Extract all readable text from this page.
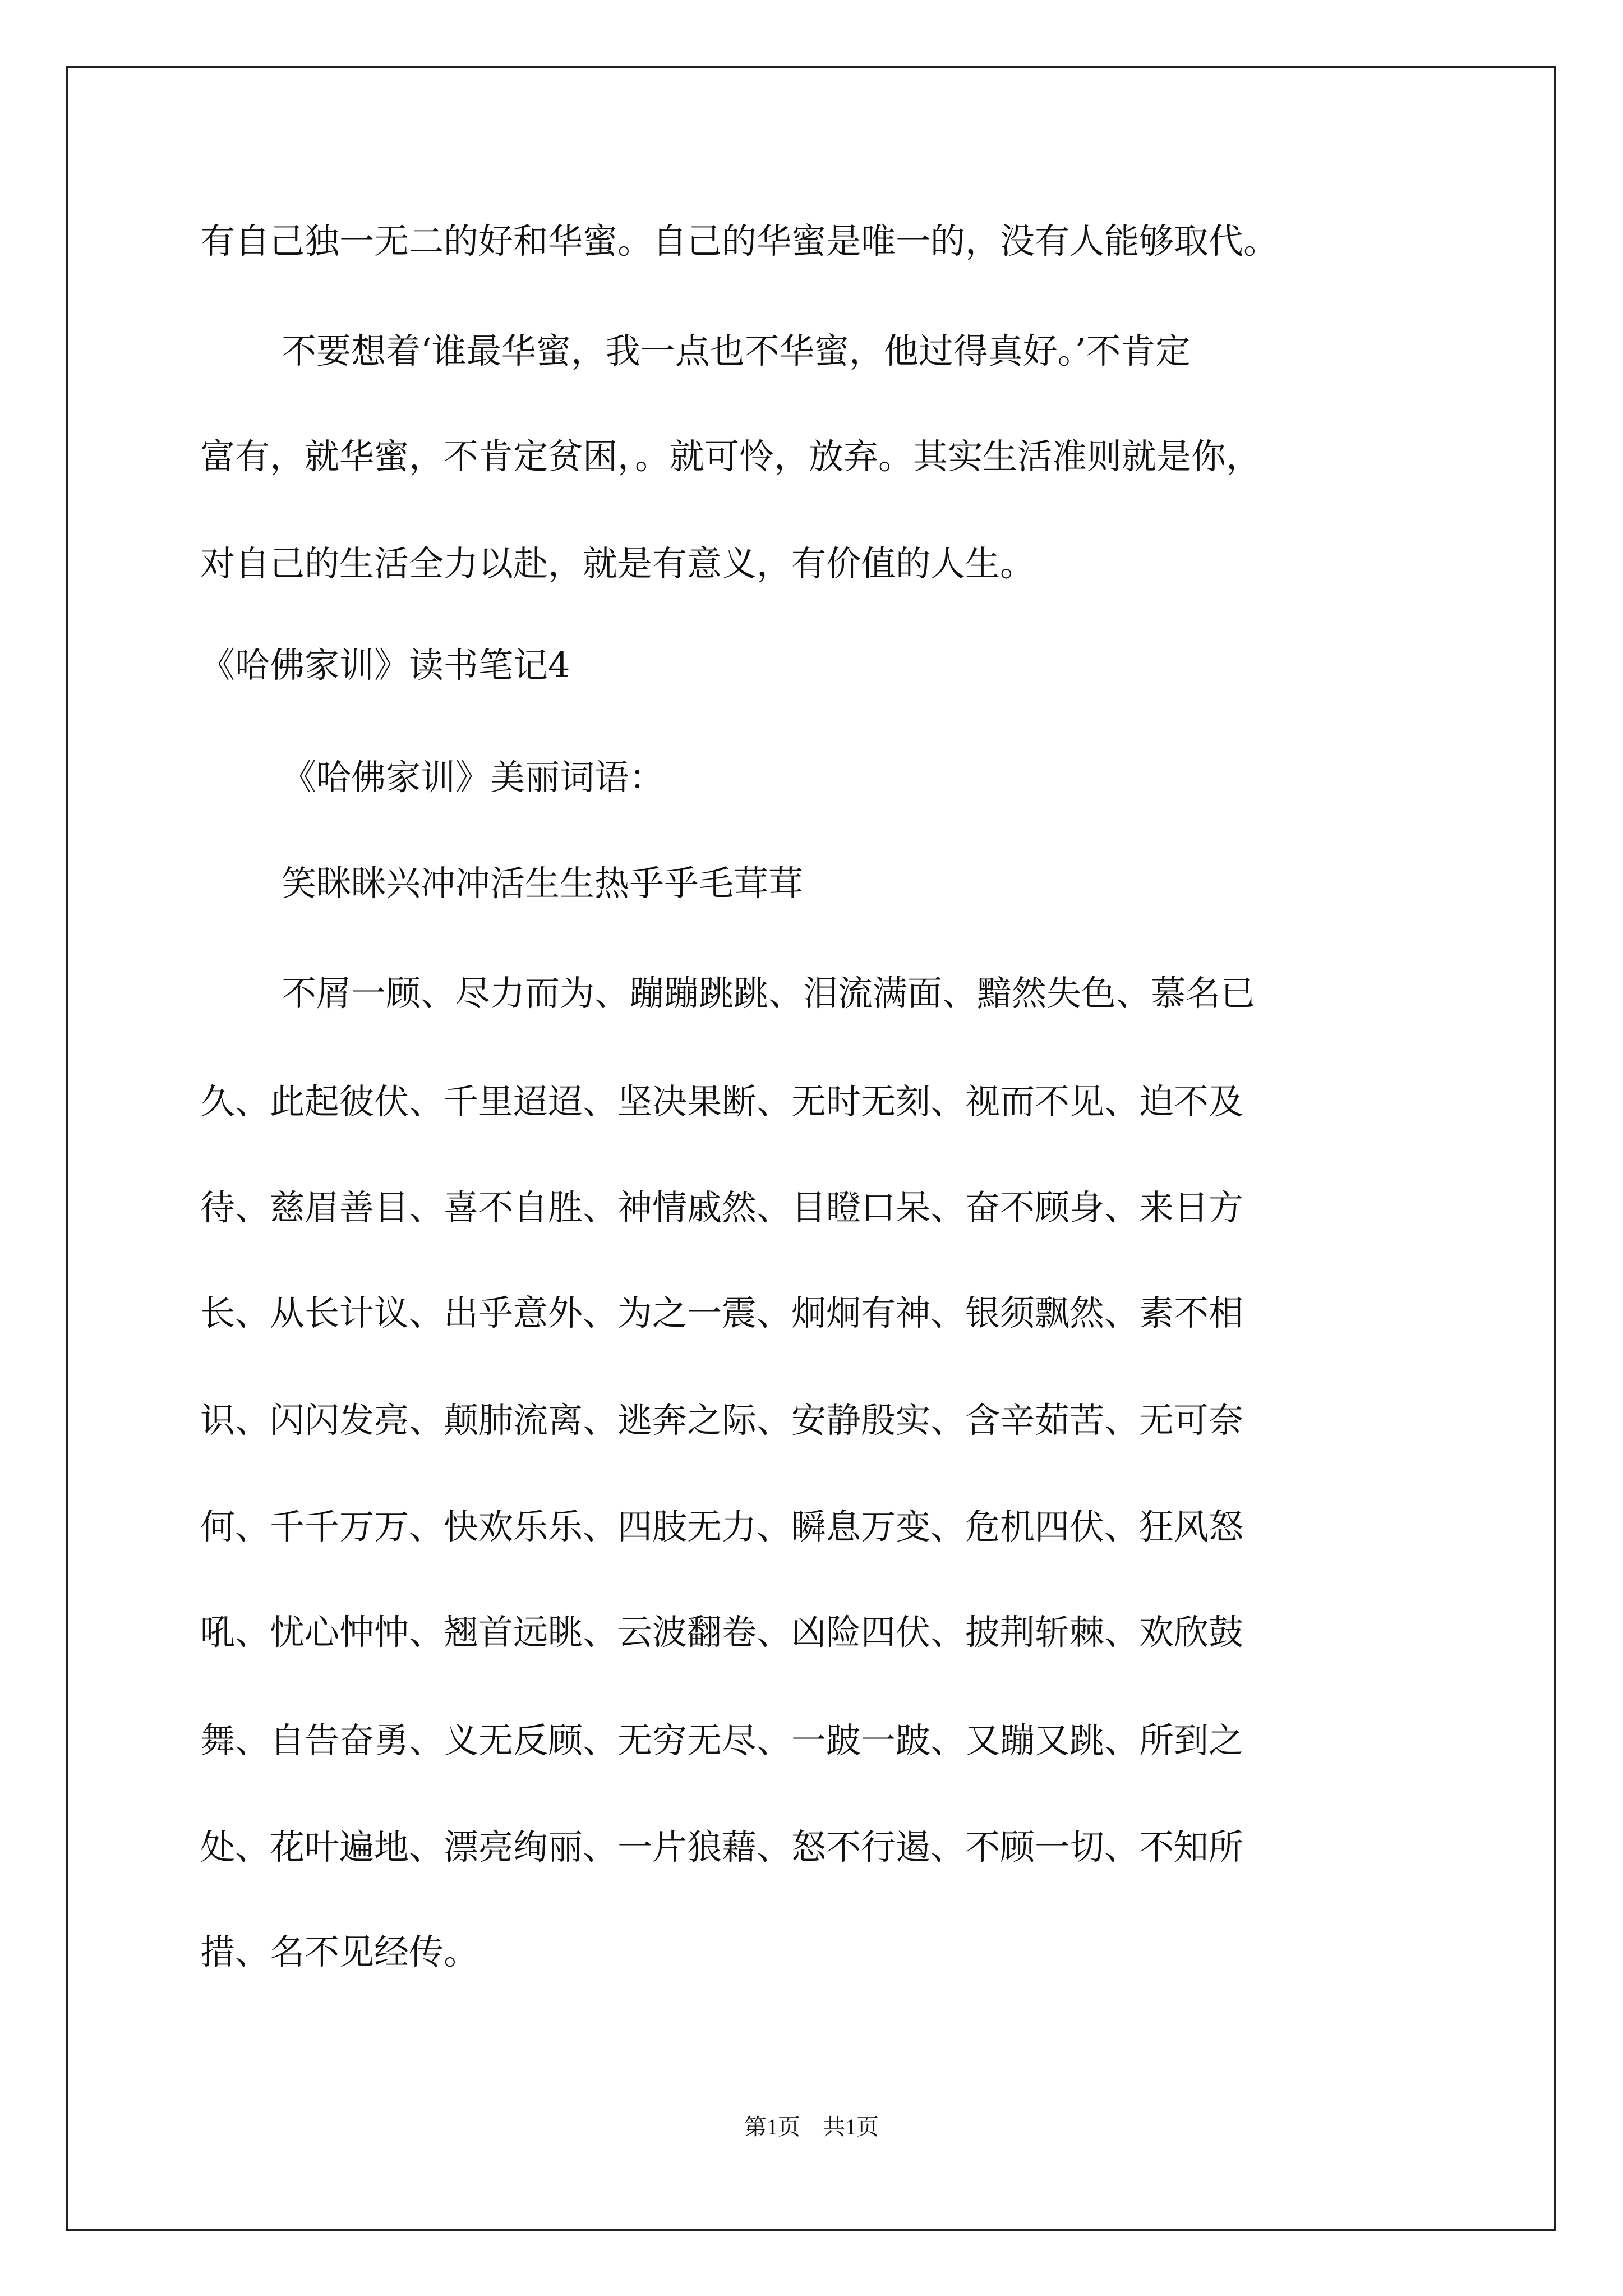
有自己独一无二的好和华蜜。自己的华蜜是唯一的，没有人能够取代。
不要想着‘谁最华蜜，我一点也不华蜜，他过得真好。’不肯定
富有，就华蜜，不肯定贫困，。就可怜，放弃。其实生活准则就是你，
对自己的生活全力以赴，就是有意义，有价值的人生。
《哈佛家训》读书笔记4
《哈佛家训》美丽词语：
笑眯眯兴冲冲活生生热乎乎毛茸茸
不屑一顾、尽力而为、蹦蹦跳跳、泪流满面、黯然失色、慕名已
久、此起彼伏、千里迢迢、坚决果断、无时无刻、视而不见、迫不及
待、慈眉善目、喜不自胜、神情戚然、目瞪口呆、奋不顾身、来日方
长、从长计议、出乎意外、为之一震、炯炯有神、银须飘然、素不相
识、闪闪发亮、颠肺流离、逃奔之际、安静殷实、含辛茹苦、无可奈
何、千千万万、快欢乐乐、四肢无力、瞬息万变、危机四伏、狂风怒
吼、忧心忡忡、翘首远眺、云波翻卷、凶险四伏、披荆斩棘、欢欣鼓
舞、自告奋勇、义无反顾、无穷无尽、一跛一跛、又蹦又跳、所到之
处、花叶遍地、漂亮绚丽、一片狼藉、怒不行遏、不顾一切、不知所
措、名不见经传。
第1页　共1页
